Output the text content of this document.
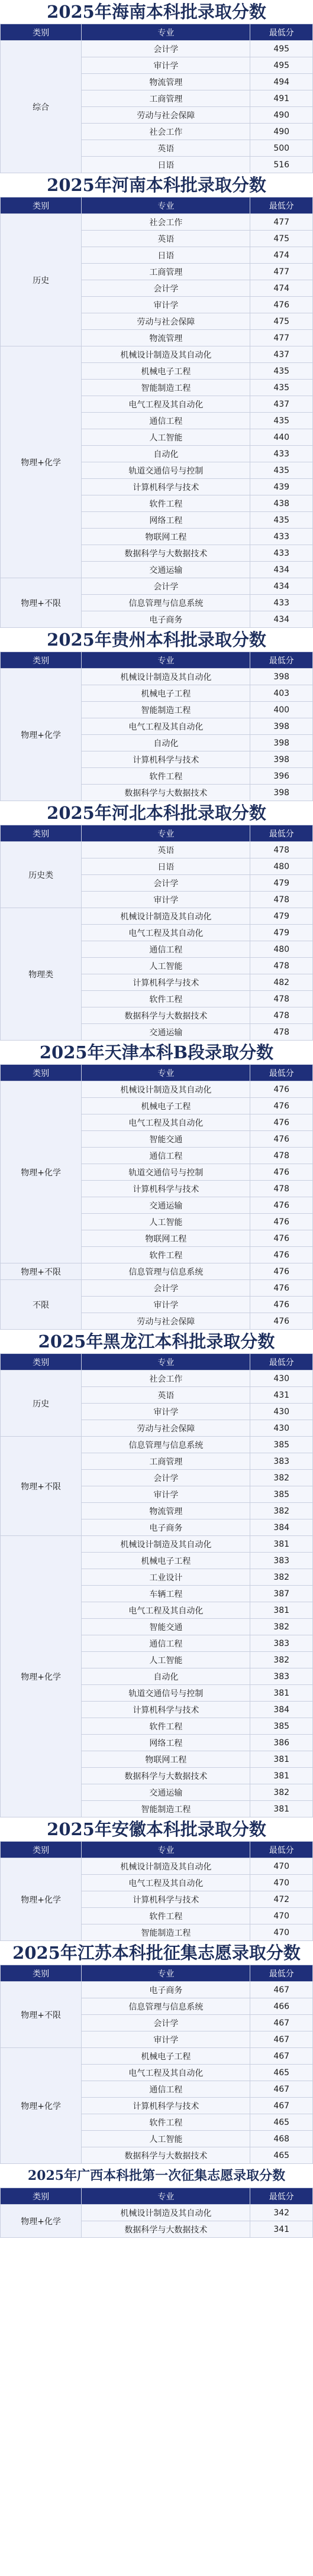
2025年海南本科批录取分数
类别	专业	最低分
综合	会计学	495
	审计学	495
	物流管理	494
	工商管理	491
	劳动与社会保障	490
	社会工作	490
	英语	500
	日语	516
2025年河南本科批录取分数
类别	专业	最低分
历史	社会工作	477
	英语	475
	日语	474
	工商管理	477
	会计学	474
	审计学	476
	劳动与社会保障	475
	物流管理	477
物理+化学	机械设计制造及其自动化	437
	机械电子工程	435
	智能制造工程	435
	电气工程及其自动化	437
	通信工程	435
	人工智能	440
	自动化	433
	轨道交通信号与控制	435
	计算机科学与技术	439
	软件工程	438
	网络工程	435
	物联网工程	433
	数据科学与大数据技术	433
	交通运输	434
物理+不限	会计学	434
	信息管理与信息系统	433
	电子商务	434
2025年贵州本科批录取分数
类别	专业	最低分
物理+化学	机械设计制造及其自动化	398
	机械电子工程	403
	智能制造工程	400
	电气工程及其自动化	398
	自动化	398
	计算机科学与技术	398
	软件工程	396
	数据科学与大数据技术	398
2025年河北本科批录取分数
类别	专业	最低分
历史类	英语	478
	日语	480
	会计学	479
	审计学	478
物理类	机械设计制造及其自动化	479
	电气工程及其自动化	479
	通信工程	480
	人工智能	478
	计算机科学与技术	482
	软件工程	478
	数据科学与大数据技术	478
	交通运输	478
2025年天津本科B段录取分数
类别	专业	最低分
物理+化学	机械设计制造及其自动化	476
	机械电子工程	476
	电气工程及其自动化	476
	智能交通	476
	通信工程	478
	轨道交通信号与控制	476
	计算机科学与技术	478
	交通运输	476
	人工智能	476
	物联网工程	476
	软件工程	476
物理+不限	信息管理与信息系统	476
不限	会计学	476
	审计学	476
	劳动与社会保障	476
2025年黑龙江本科批录取分数
类别	专业	最低分
历史	社会工作	430
	英语	431
	审计学	430
	劳动与社会保障	430
物理+不限	信息管理与信息系统	385
	工商管理	383
	会计学	382
	审计学	385
	物流管理	382
	电子商务	384
物理+化学	机械设计制造及其自动化	381
	机械电子工程	383
	工业设计	382
	车辆工程	387
	电气工程及其自动化	381
	智能交通	382
	通信工程	383
	人工智能	382
	自动化	383
	轨道交通信号与控制	381
	计算机科学与技术	384
	软件工程	385
	网络工程	386
	物联网工程	381
	数据科学与大数据技术	381
	交通运输	382
	智能制造工程	381
2025年安徽本科批录取分数
类别	专业	最低分
物理+化学	机械设计制造及其自动化	470
	电气工程及其自动化	470
	计算机科学与技术	472
	软件工程	470
	智能制造工程	470
2025年江苏本科批征集志愿录取分数
类别	专业	最低分
物理+不限	电子商务	467
	信息管理与信息系统	466
	会计学	467
	审计学	467
物理+化学	机械电子工程	467
	电气工程及其自动化	465
	通信工程	467
	计算机科学与技术	467
	软件工程	465
	人工智能	468
	数据科学与大数据技术	465
2025年广西本科批第一次征集志愿录取分数
类别	专业	最低分
物理+化学	机械设计制造及其自动化	342
	数据科学与大数据技术	341
